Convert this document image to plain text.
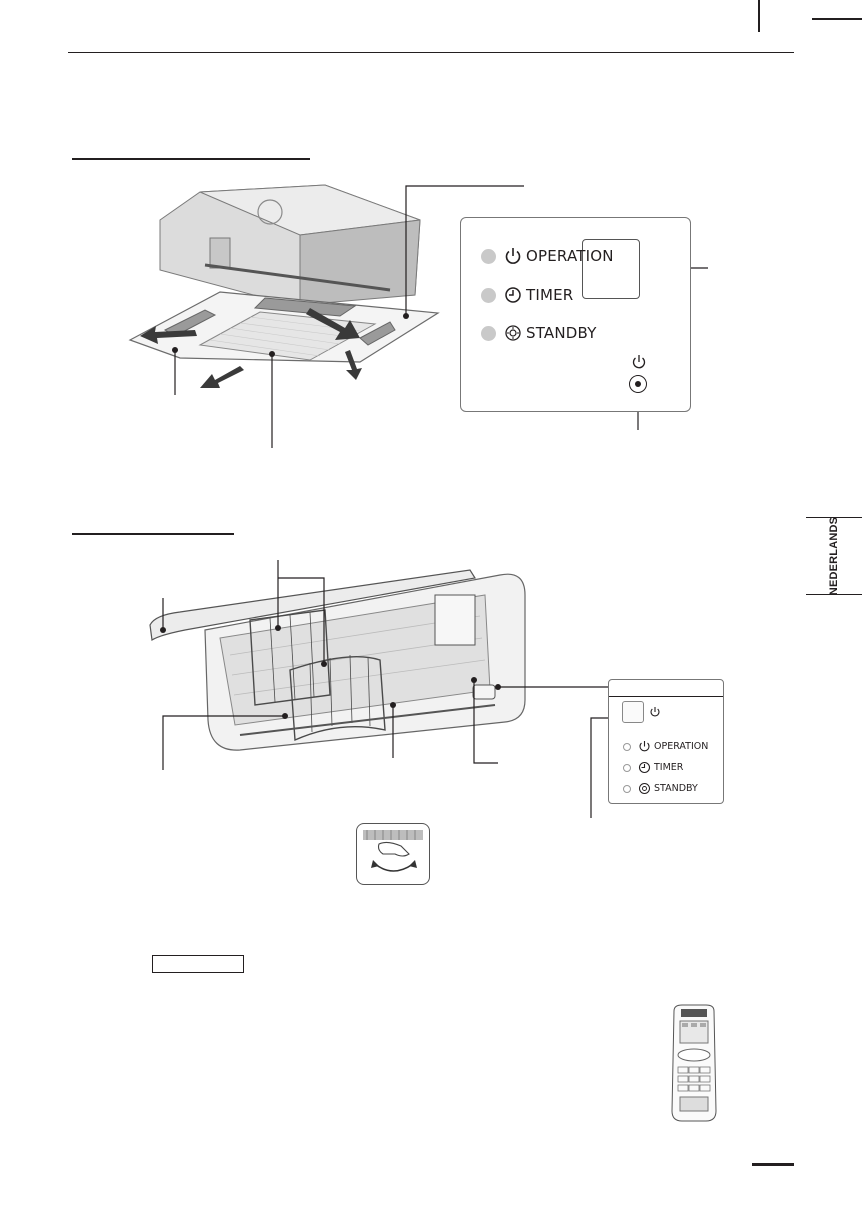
NEDERLANDS
OPERATION
TIMER
STANDBY
OPERATION
TIMER
STANDBY
